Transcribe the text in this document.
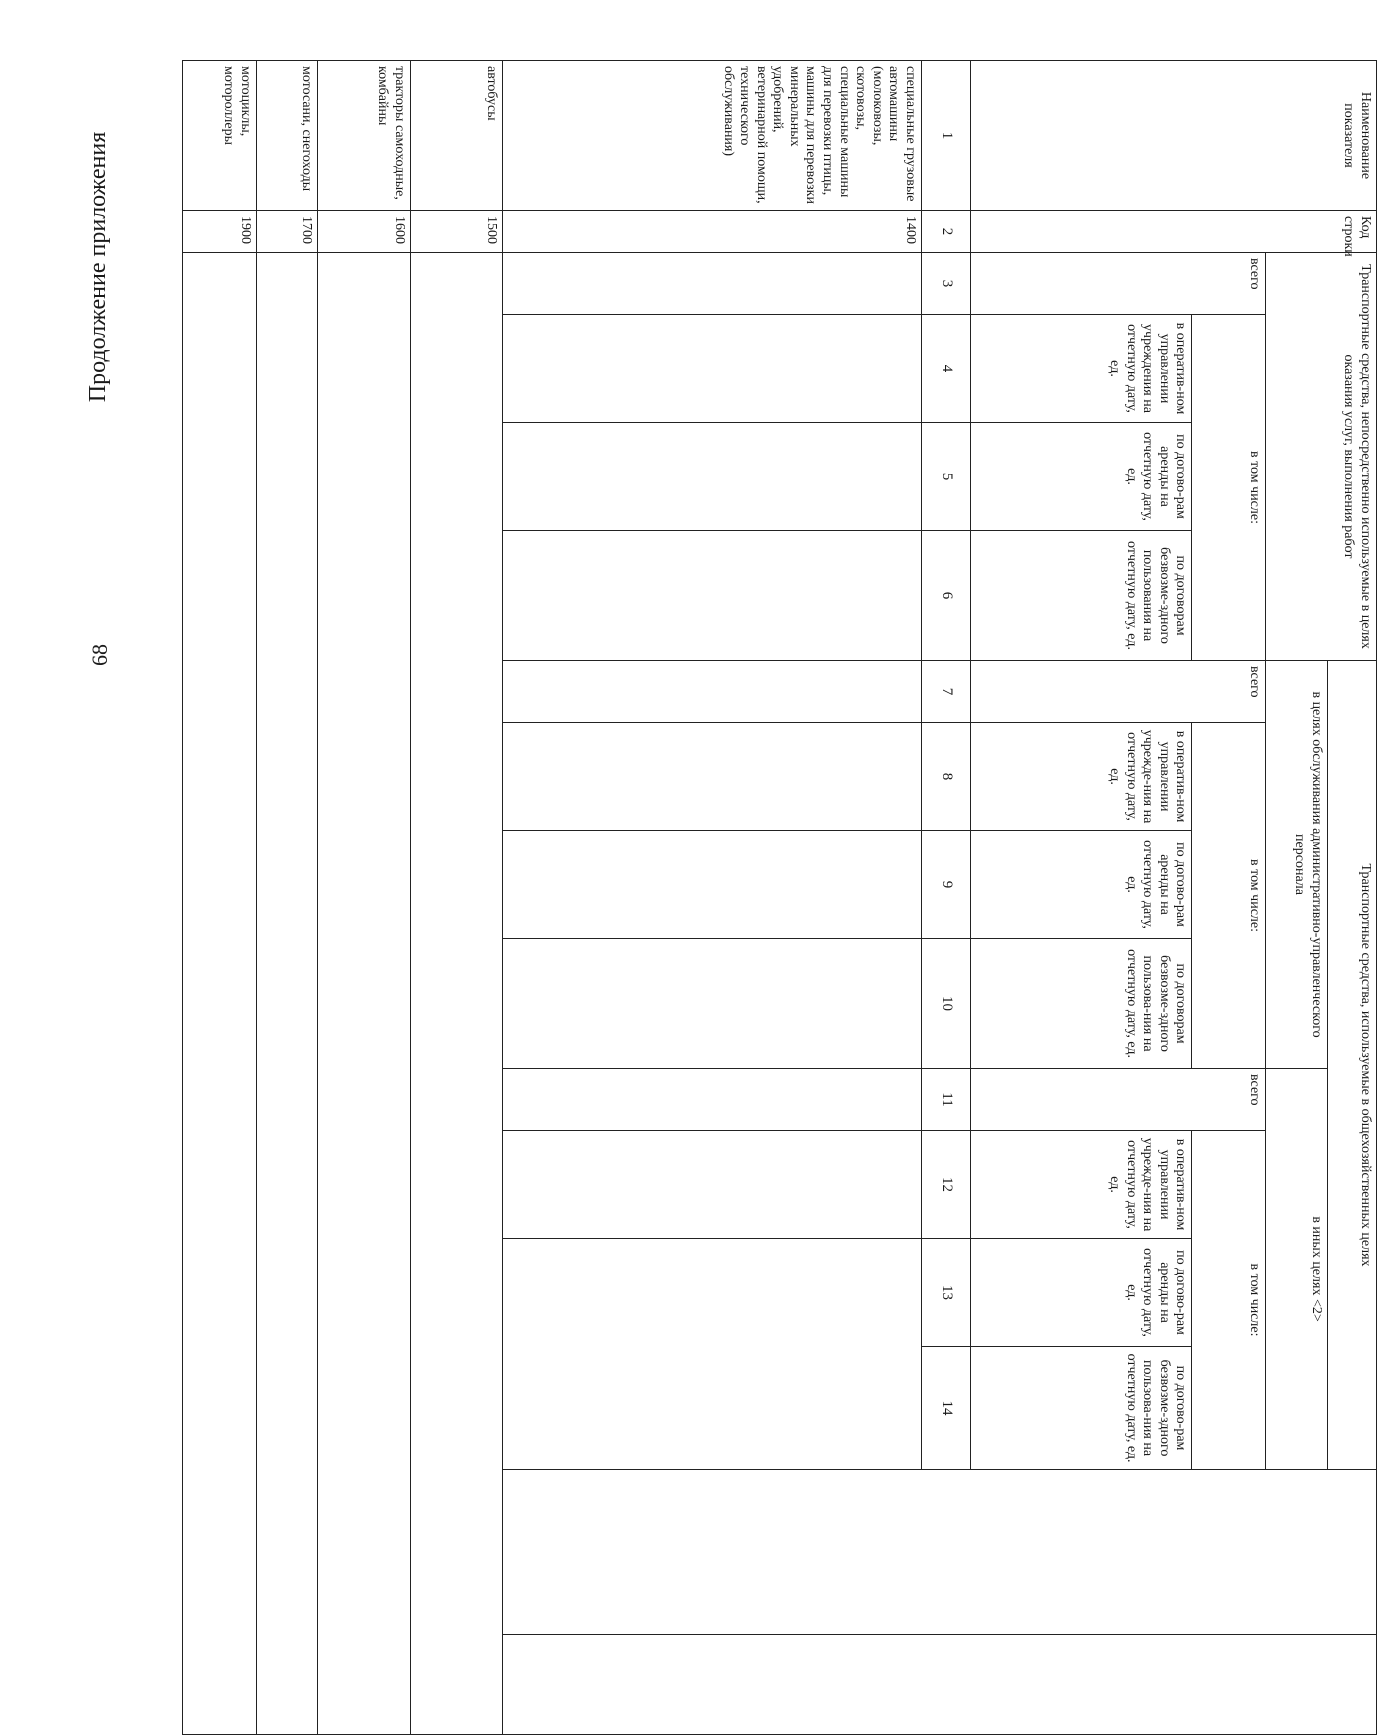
68
Продолжение приложения	Наименование показателя	Код строки	Транспортные средства, непосредственно используемые в целях оказания услуг, выполнения работ				Транспортные средства, используемые в общехозяйственных целях									
						в целях обслуживания административно-управленческого персонала				в иных целях <2>					
		всего	в том числе:			всего	в том числе:			всего	в том числе:				
			в оператив-ном управлении учреждения на отчетную дату, ед.	по догово-рам аренды на отчетную дату, ед.	по договорам безвозме-здного пользования на отчетную дату, ед.		в оператив-ном управлении учрежде-ния на отчетную дату, ед.	по догово-рам аренды на отчетную дату, ед.	по договорам безвозме-здного пользова-ния на отчетную дату, ед.		в оператив-ном управлении учрежде-ния на отчетную дату, ед.	по догово-рам аренды на отчетную дату, ед.	по догово-рам безвозме-здного пользова-ния на отчетную дату, ед.		
1	2	3	4	5	6	7	8	9	10	11	12	13	14		
специальные грузовые автомашины (молоковозы, скотовозы, специальные машины для перевозки птицы, машины для перевозки минеральных удобрений, ветеринарной помощи, технического обслуживания)	1400														
автобусы	1500														
тракторы самоходные, комбайны	1600														
мотосани, снегоходы	1700														
мотоциклы, мотороллеры	1900														
